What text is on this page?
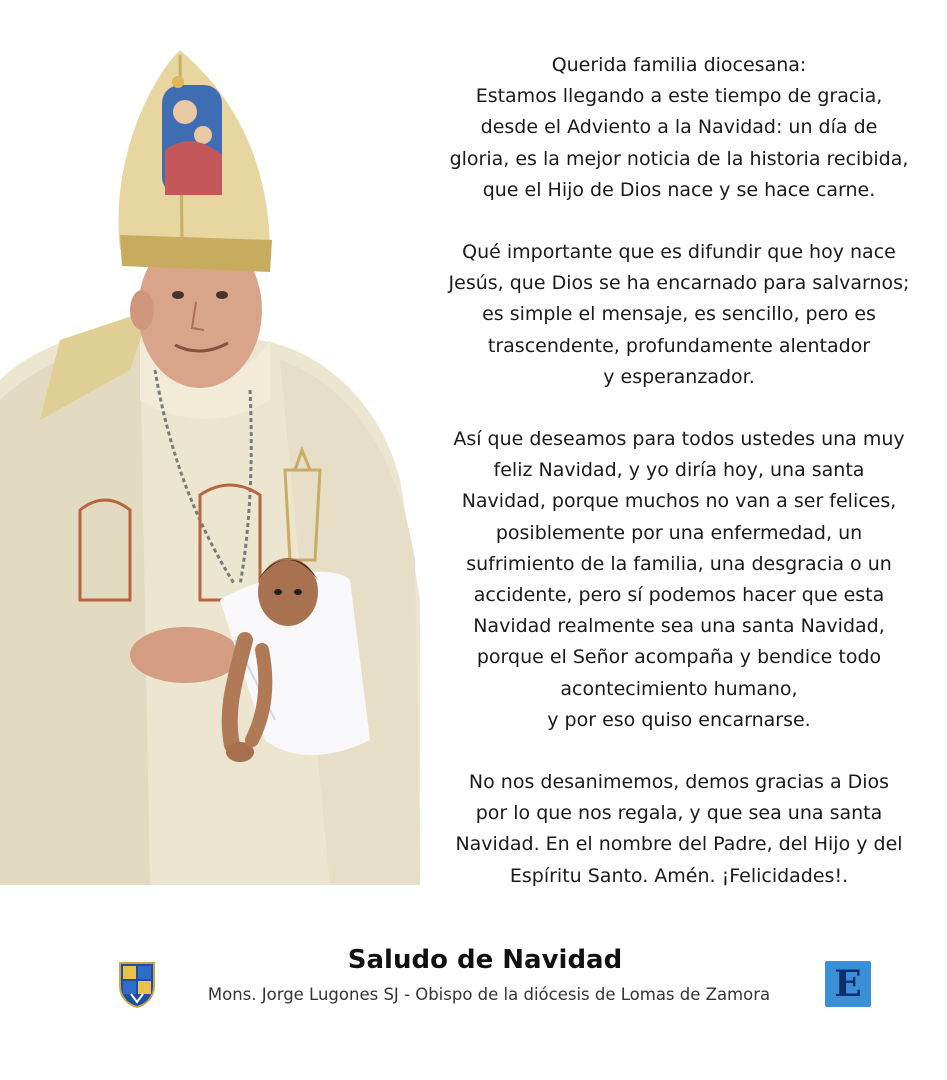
Querida familia diocesana:
Estamos llegando a este tiempo de gracia,
desde el Adviento a la Navidad: un día de
gloria, es la mejor noticia de la historia recibida,
que el Hijo de Dios nace y se hace carne.

Qué importante que es difundir que hoy nace
Jesús, que Dios se ha encarnado para salvarnos;
es simple el mensaje, es sencillo, pero es
trascendente, profundamente alentador
y esperanzador.

Así que deseamos para todos ustedes una muy
feliz Navidad, y yo diría hoy, una santa
Navidad, porque muchos no van a ser felices,
posiblemente por una enfermedad, un
sufrimiento de la familia, una desgracia o un
accidente, pero sí podemos hacer que esta
Navidad realmente sea una santa Navidad,
porque el Señor acompaña y bendice todo
acontecimiento humano,
y por eso quiso encarnarse.

No nos desanimemos, demos gracias a Dios
por lo que nos regala, y que sea una santa
Navidad. En el nombre del Padre, del Hijo y del
Espíritu Santo. Amén. ¡Felicidades!.

Saludo de Navidad
Mons. Jorge Lugones SJ - Obispo de la diócesis de Lomas de Zamora	E
